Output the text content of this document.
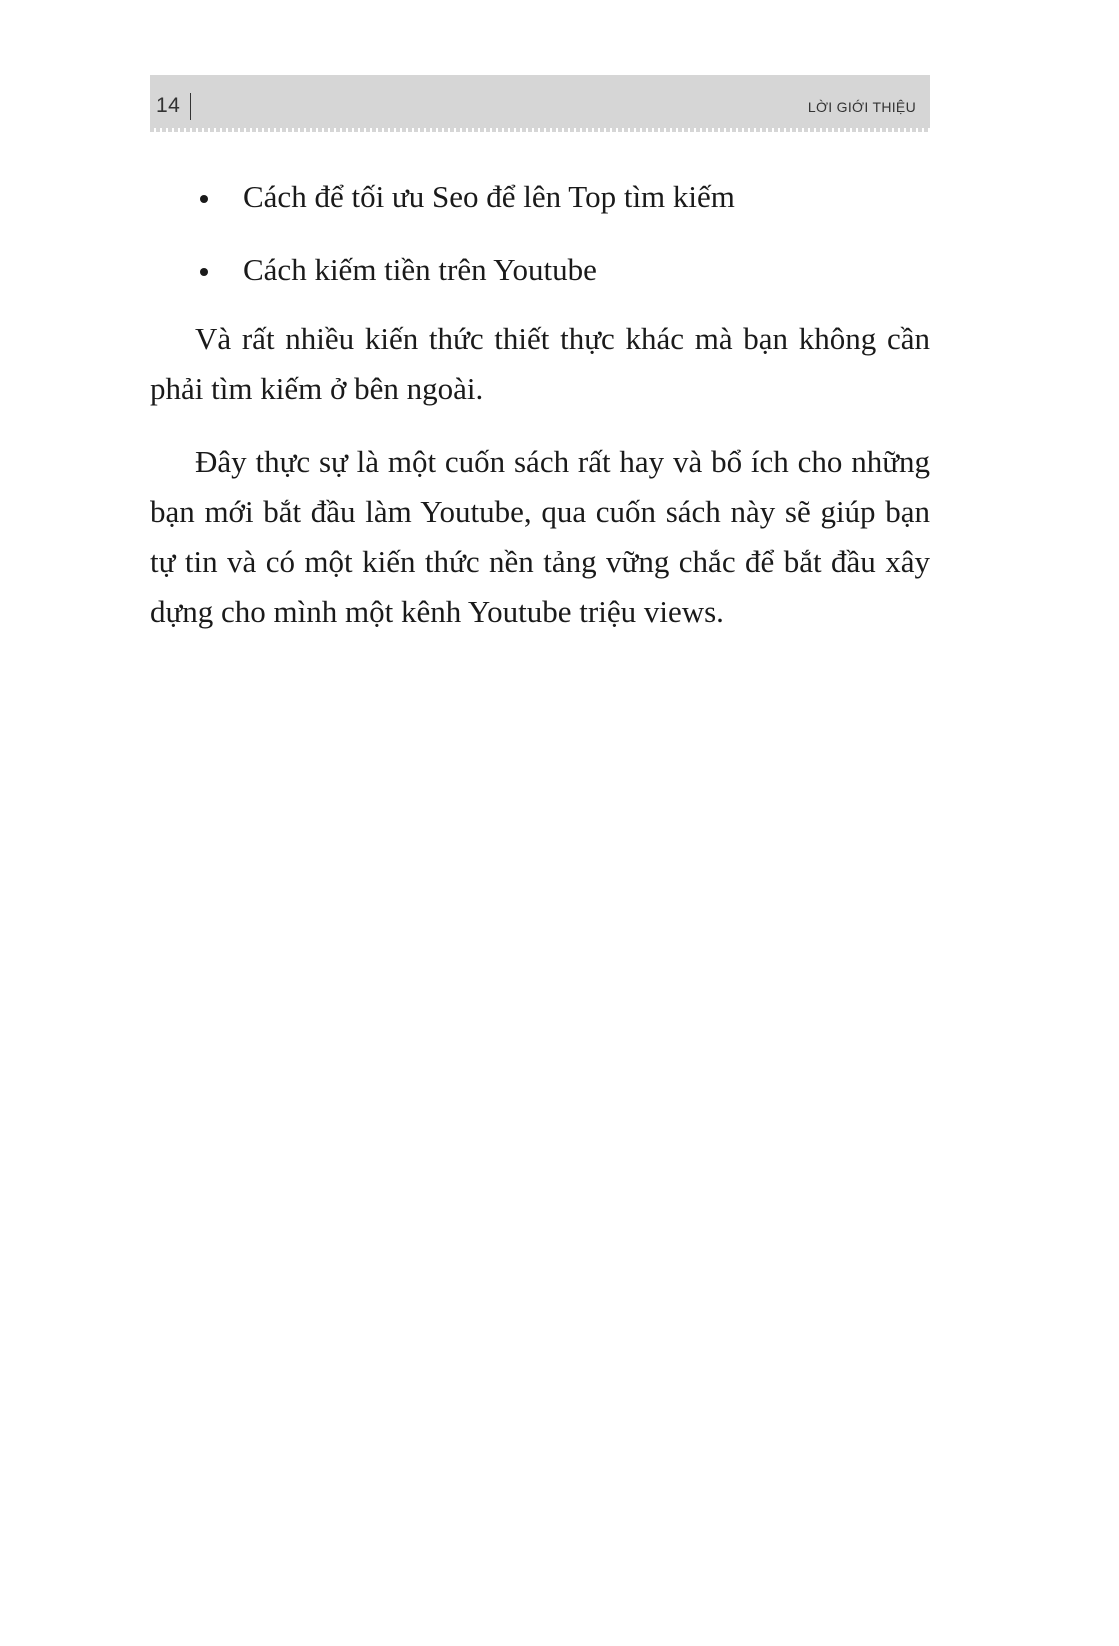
14	LỜI GIỚI THIỆU
Cách để tối ưu Seo để lên Top tìm kiếm
Cách kiếm tiền trên Youtube

Và rất nhiều kiến thức thiết thực khác mà bạn không cần phải tìm kiếm ở bên ngoài.

Đây thực sự là một cuốn sách rất hay và bổ ích cho những bạn mới bắt đầu làm Youtube, qua cuốn sách này sẽ giúp bạn tự tin và có một kiến thức nền tảng vững chắc để bắt đầu xây dựng cho mình một kênh Youtube triệu views.
